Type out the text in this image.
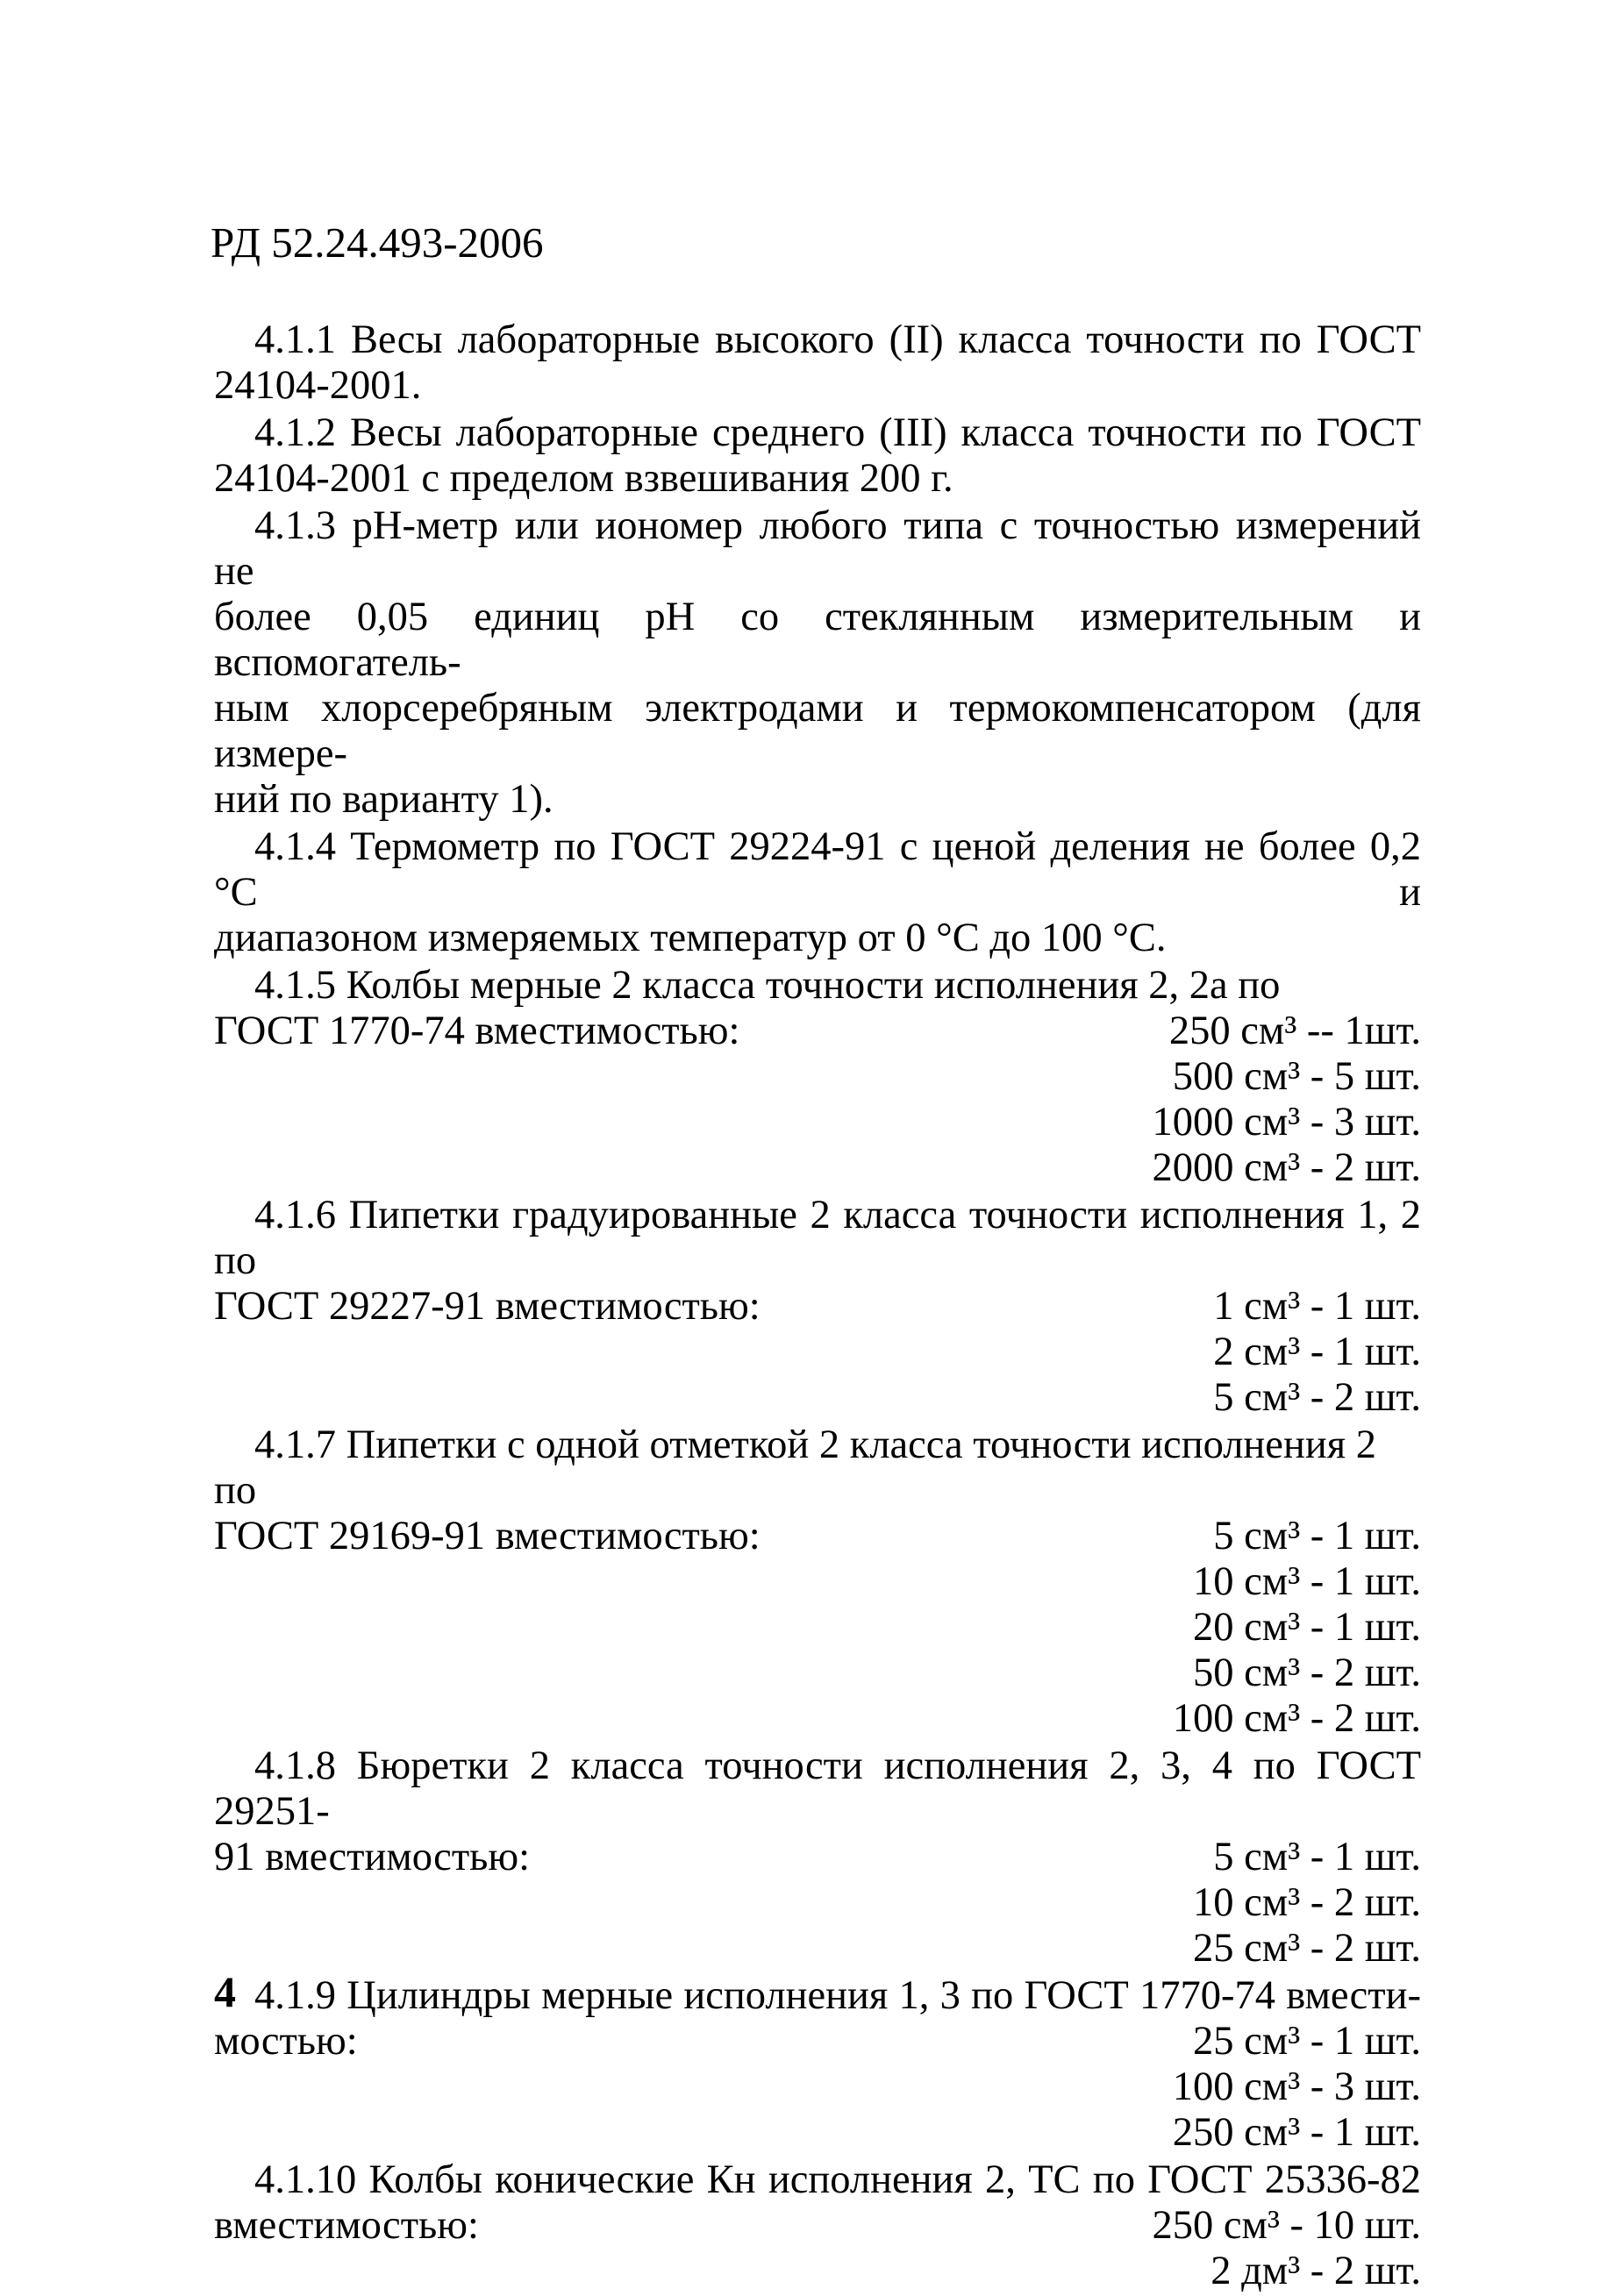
РД 52.24.493-2006
4.1.1 Весы лабораторные высокого (II) класса точности по ГОСТ
24104-2001.
4.1.2 Весы лабораторные среднего (III) класса точности по ГОСТ
24104-2001 с пределом взвешивания 200 г.
4.1.3 pH-метр или иономер любого типа с точностью измерений не
более 0,05 единиц pH со стеклянным измерительным и вспомогатель-
ным хлорсеребряным электродами и термокомпенсатором (для измере-
ний по варианту 1).
4.1.4 Термометр по ГОСТ 29224-91 с ценой деления не более 0,2 °С и
диапазоном измеряемых температур от 0 °С до 100 °С.
4.1.5 Колбы мерные 2 класса точности исполнения 2, 2а по
ГОСТ 1770-74 вместимостью:	250 см³ -- 1шт.
500 см³ - 5 шт.
1000 см³ - 3 шт.
2000 см³ - 2 шт.
4.1.6 Пипетки градуированные 2 класса точности исполнения 1, 2 по
ГОСТ 29227-91 вместимостью:	1 см³ - 1 шт.
2 см³ - 1 шт.
5 см³ - 2 шт.
4.1.7 Пипетки с одной отметкой 2 класса точности исполнения 2 по
ГОСТ 29169-91 вместимостью:	5 см³ - 1 шт.
10 см³ - 1 шт.
20 см³ - 1 шт.
50 см³ - 2 шт.
100 см³ - 2 шт.
4.1.8 Бюретки 2 класса точности исполнения 2, 3, 4 по ГОСТ 29251-
91 вместимостью:	5 см³ - 1 шт.
10 см³ - 2 шт.
25 см³ - 2 шт.
4.1.9 Цилиндры мерные исполнения 1, 3 по ГОСТ 1770-74 вмести-
мостью:	25 см³ - 1 шт.
100 см³ - 3 шт.
250 см³ - 1 шт.
4.1.10 Колбы конические Кн исполнения 2, ТС по ГОСТ 25336-82
вместимостью:	250 см³ - 10 шт.
2 дм³ - 2 шт.
4
